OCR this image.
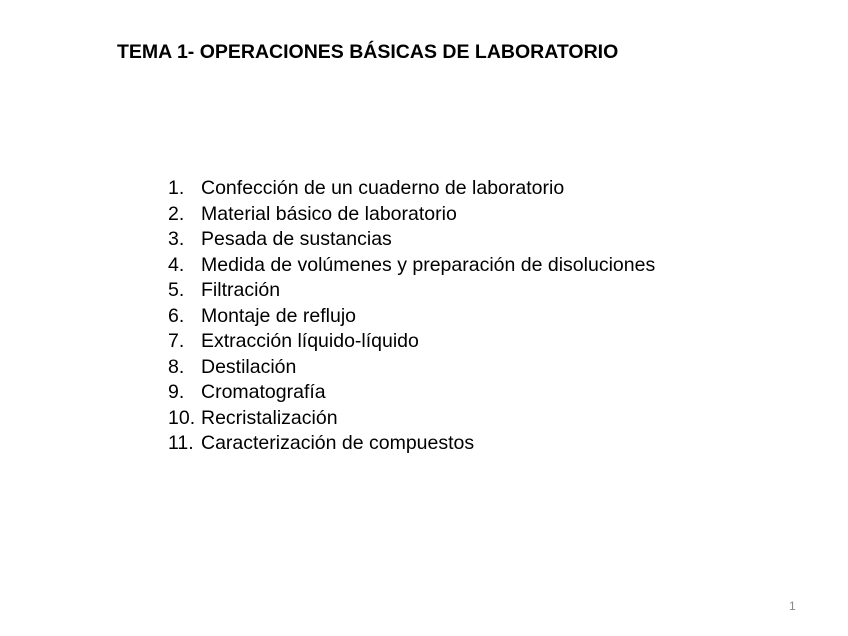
TEMA 1- OPERACIONES BÁSICAS DE LABORATORIO
1. Confección de un cuaderno de laboratorio
2. Material básico de laboratorio
3. Pesada de sustancias
4. Medida de volúmenes y preparación de disoluciones
5. Filtración
6. Montaje de reflujo
7. Extracción líquido-líquido
8. Destilación
9. Cromatografía
10. Recristalización
11. Caracterización de compuestos
1
